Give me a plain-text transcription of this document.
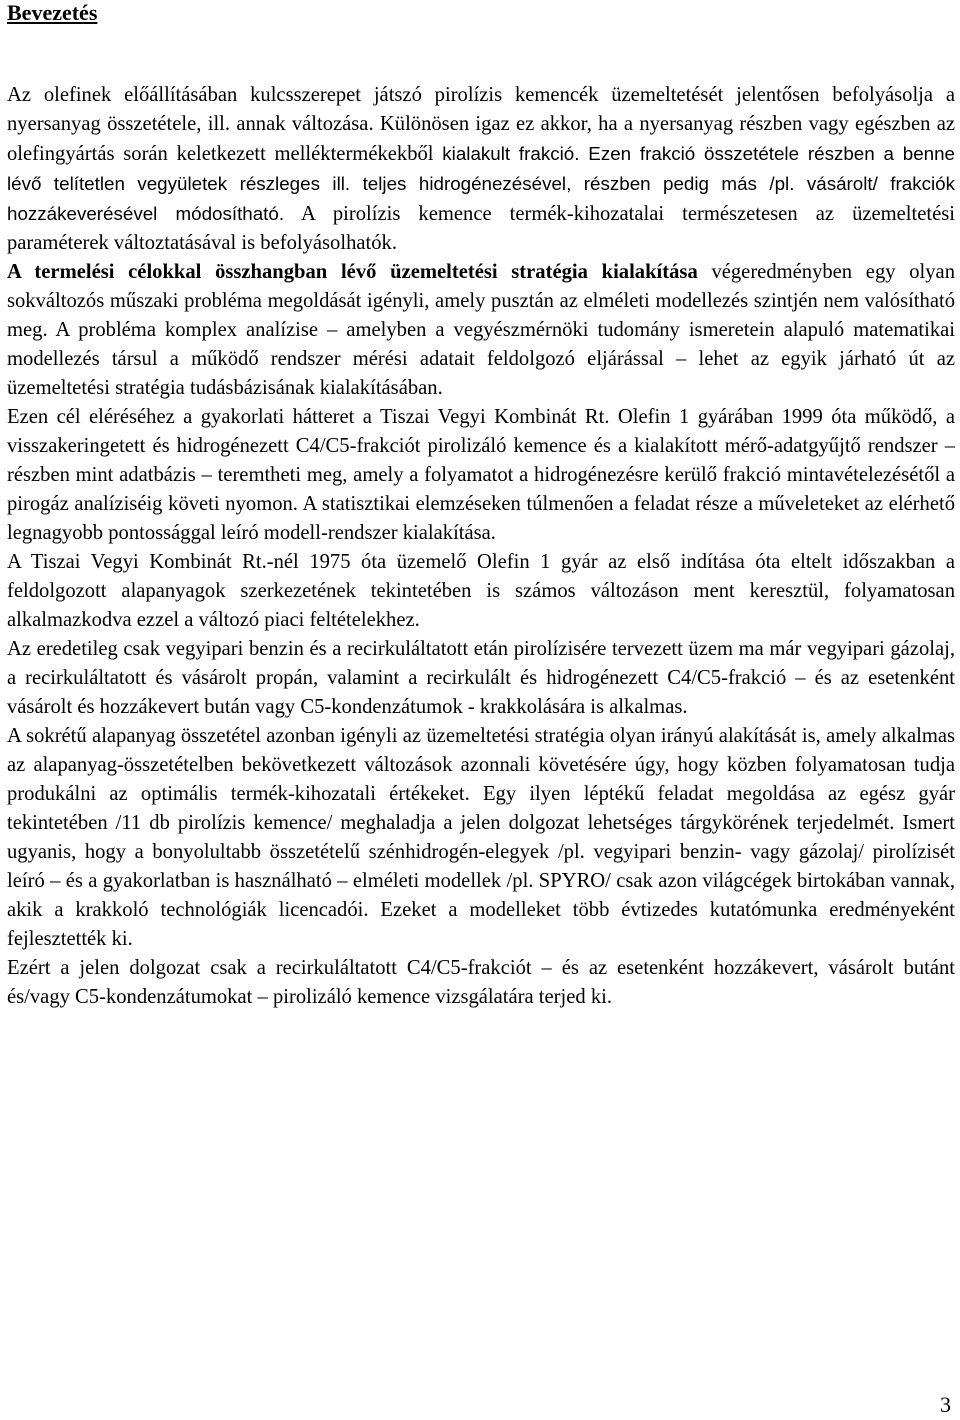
Bevezetés

Az olefinek előállításában kulcsszerepet játszó pirolízis kemencék üzemeltetését jelentősen befolyásolja a nyersanyag összetétele, ill. annak változása. Különösen igaz ez akkor, ha a nyersanyag részben vagy egészben az olefingyártás során keletkezett melléktermékekből kialakult frakció. Ezen frakció összetétele részben a benne lévő telítetlen vegyületek részleges ill. teljes hidrogénezésével, részben pedig más /pl. vásárolt/ frakciók hozzákeverésével módosítható. A pirolízis kemence termék-kihozatalai természetesen az üzemeltetési paraméterek változtatásával is befolyásolhatók.

A termelési célokkal összhangban lévő üzemeltetési stratégia kialakítása végeredményben egy olyan sokváltozós műszaki probléma megoldását igényli, amely pusztán az elméleti modellezés szintjén nem valósítható meg. A probléma komplex analízise – amelyben a vegyészmérnöki tudomány ismeretein alapuló matematikai modellezés társul a működő rendszer mérési adatait feldolgozó eljárással – lehet az egyik járható út az üzemeltetési stratégia tudásbázisának kialakításában.

Ezen cél eléréséhez a gyakorlati hátteret a Tiszai Vegyi Kombinát Rt. Olefin 1 gyárában 1999 óta működő, a visszakeringetett és hidrogénezett C4/C5-frakciót pirolizáló kemence és a kialakított mérő-adatgyűjtő rendszer – részben mint adatbázis – teremtheti meg, amely a folyamatot a hidrogénezésre kerülő frakció mintavételezésétől a pirogáz analíziséig követi nyomon. A statisztikai elemzéseken túlmenően a feladat része a műveleteket az elérhető legnagyobb pontossággal leíró modell-rendszer kialakítása.

A Tiszai Vegyi Kombinát Rt.-nél 1975 óta üzemelő Olefin 1 gyár az első indítása óta eltelt időszakban a feldolgozott alapanyagok szerkezetének tekintetében is számos változáson ment keresztül, folyamatosan alkalmazkodva ezzel a változó piaci feltételekhez.

Az eredetileg csak vegyipari benzin és a recirkuláltatott etán pirolízisére tervezett üzem ma már vegyipari gázolaj, a recirkuláltatott és vásárolt propán, valamint a recirkulált és hidrogénezett C4/C5-frakció – és az esetenként vásárolt és hozzákevert bután vagy C5-kondenzátumok - krakkolására is alkalmas.

A sokrétű alapanyag összetétel azonban igényli az üzemeltetési stratégia olyan irányú alakítását is, amely alkalmas az alapanyag-összetételben bekövetkezett változások azonnali követésére úgy, hogy közben folyamatosan tudja produkálni az optimális termék-kihozatali értékeket. Egy ilyen léptékű feladat megoldása az egész gyár tekintetében /11 db pirolízis kemence/ meghaladja a jelen dolgozat lehetséges tárgykörének terjedelmét. Ismert ugyanis, hogy a bonyolultabb összetételű szénhidrogén-elegyek /pl. vegyipari benzin- vagy gázolaj/ pirolízisét leíró – és a gyakorlatban is használható – elméleti modellek /pl. SPYRO/ csak azon világcégek birtokában vannak, akik a krakkoló technológiák licencadói. Ezeket a modelleket több évtizedes kutatómunka eredményeként fejlesztették ki.

Ezért a jelen dolgozat csak a recirkuláltatott C4/C5-frakciót – és az esetenként hozzákevert, vásárolt butánt és/vagy C5-kondenzátumokat – pirolizáló kemence vizsgálatára terjed ki.

3
